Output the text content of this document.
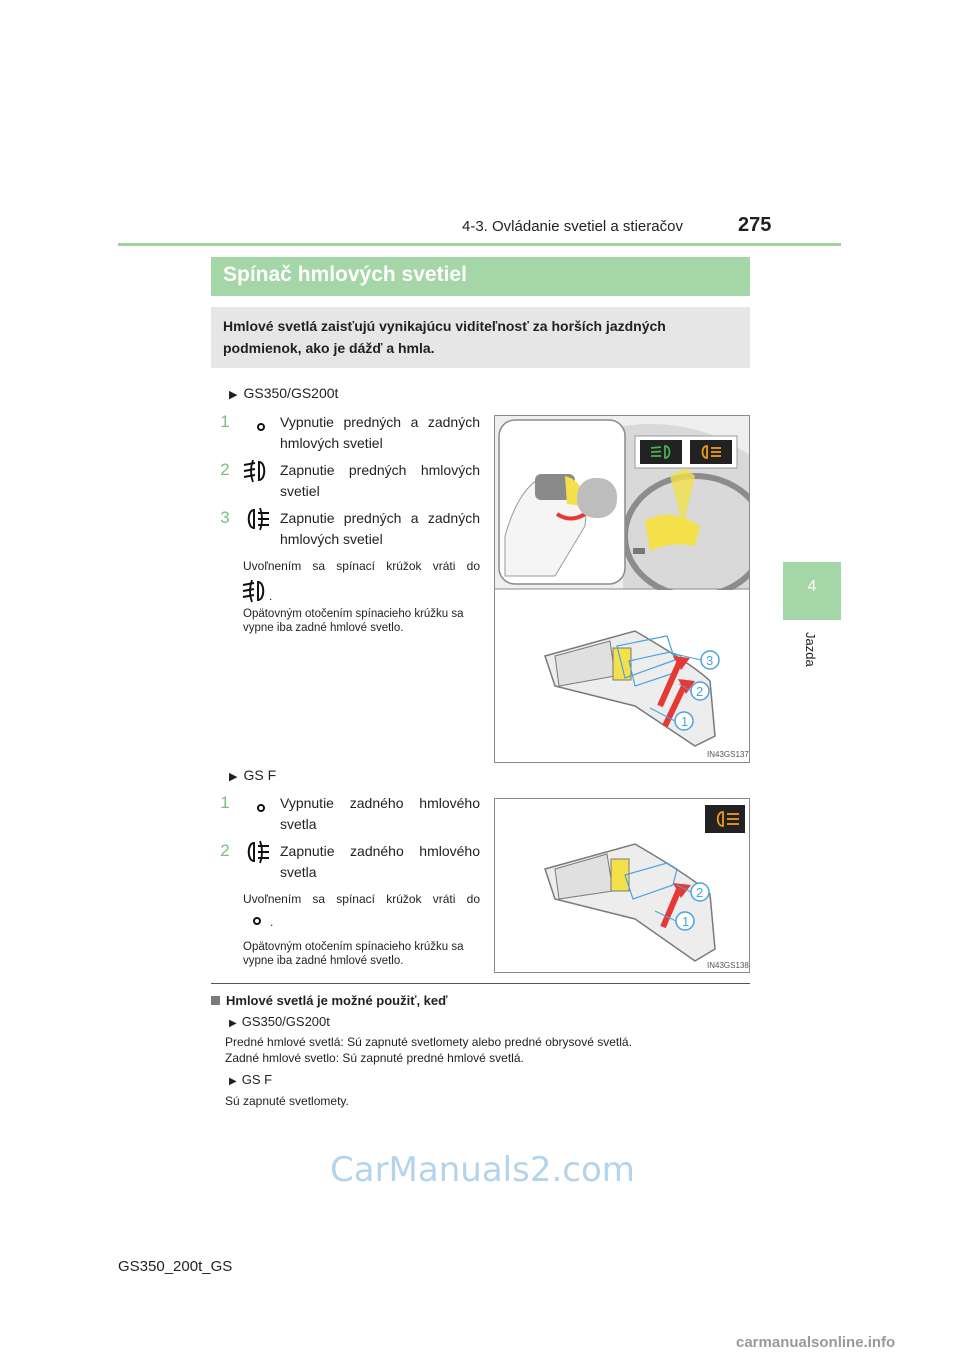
4-3. Ovládanie svetiel a stieračov	275
4
Jazda
Spínač hmlových svetiel
Hmlové svetlá zaisťujú vynikajúcu viditeľnosť za horších jazdných podmienok, ako je dážď a hmla.
▶ GS350/GS200t
1	Vypnutie predných a zadných hmlových svetiel
2	Zapnutie predných hmlových svetiel
3	Zapnutie predných a zadných hmlových svetiel
Uvoľnením sa spínací krúžok vráti do
.
Opätovným otočením spínacieho krúžku sa vypne iba zadné hmlové svetlo.
3
2
1
IN43GS137
▶ GS F
1	Vypnutie zadného hmlového svetla
2	Zapnutie zadného hmlového svetla
Uvoľnením sa spínací krúžok vráti do
.
Opätovným otočením spínacieho krúžku sa vypne iba zadné hmlové svetlo.
2
1
IN43GS138
Hmlové svetlá je možné použiť, keď
▶ GS350/GS200t
Predné hmlové svetlá: Sú zapnuté svetlomety alebo predné obrysové svetlá.
Zadné hmlové svetlo: Sú zapnuté predné hmlové svetlá.
▶ GS F
Sú zapnuté svetlomety.
CarManuals2.com
GS350_200t_GS
carmanualsonline.info
